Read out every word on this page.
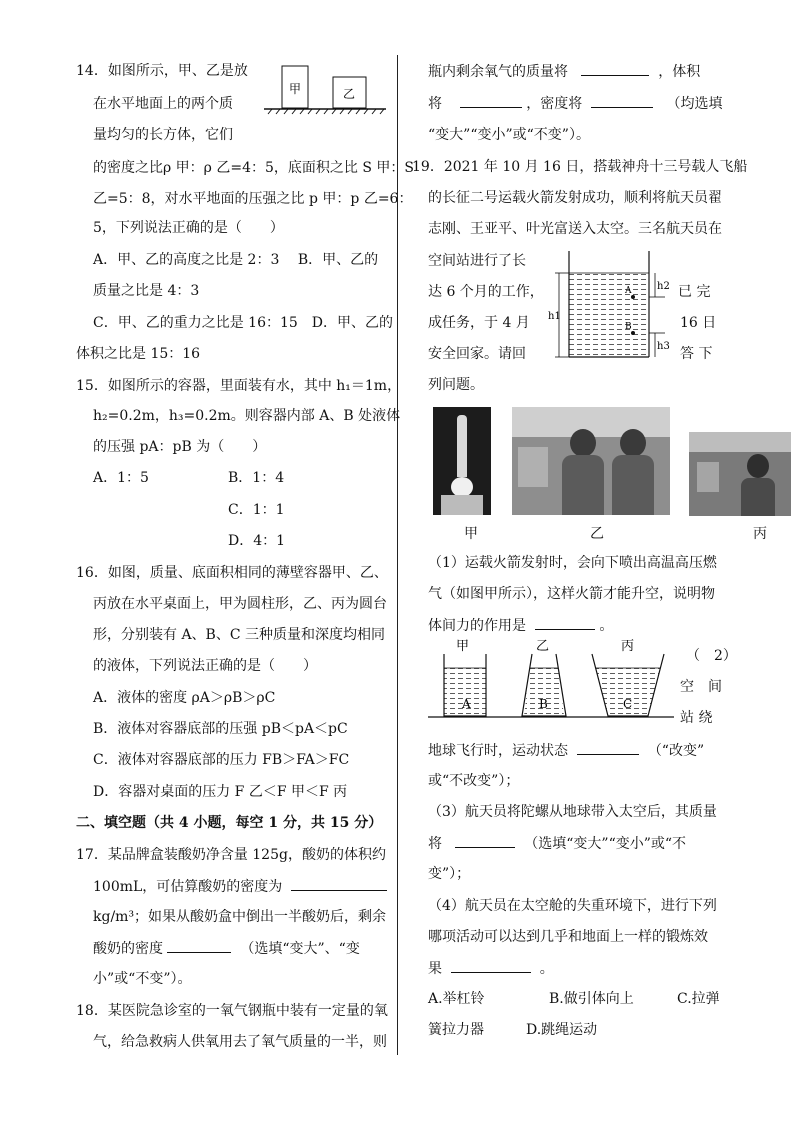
14．如图所示，甲、乙是放
在水平地面上的两个质
量均匀的长方体，它们
甲	乙
的密度之比ρ 甲：ρ 乙=4：5，底面积之比 S 甲：S
乙=5：8，对水平地面的压强之比 p 甲：p 乙=6：
5，下列说法正确的是（　　）
A．甲、乙的高度之比是 2：3　 B．甲、乙的
质量之比是 4：3
C．甲、乙的重力之比是 16：15　D．甲、乙的
体积之比是 15：16
15．如图所示的容器，里面装有水，其中 h₁＝1m，
h₂=0.2m，h₃=0.2m。则容器内部 A、B 处液体
的压强 pA：pB 为（　　）
A．1：5	B．1：4
C．1：1
D．4：1
16．如图，质量、底面积相同的薄壁容器甲、乙、
丙放在水平桌面上，甲为圆柱形，乙、丙为圆台
形，分别装有 A、B、C 三种质量和深度均相同
的液体，下列说法正确的是（　　）
A．液体的密度 ρA＞ρB＞ρC
B．液体对容器底部的压强 pB＜pA＜pC
C．液体对容器底部的压力 FB＞FA＞FC
D．容器对桌面的压力 F 乙＜F 甲＜F 丙
二、填空题（共 4 小题，每空 1 分，共 15 分）
17．某品牌盒装酸奶净含量 125g，酸奶的体积约
100mL，可估算酸奶的密度为
kg/m³；如果从酸奶盒中倒出一半酸奶后，剩余
酸奶的密度	（选填“变大”、“变
小”或“不变”）。
18．某医院急诊室的一氧气钢瓶中装有一定量的氧
气，给急救病人供氧用去了氧气质量的一半，则
瓶内剩余氧气的质量将	，体积
将	，密度将	（均选填
“变大”“变小”或“不变”）。
19．2021 年 10 月 16 日，搭载神舟十三号载人飞船
的长征二号运载火箭发射成功，顺利将航天员翟
志刚、王亚平、叶光富送入太空。三名航天员在
空间站进行了长
达 6 个月的工作，
成任务，于 4 月
安全回家。请回
列问题。
已 完
16 日
答 下
A
B
h1
h2
h3
甲	乙	丙
（1）运载火箭发射时，会向下喷出高温高压燃
气（如图甲所示），这样火箭才能升空，说明物
体间力的作用是	。
甲	乙	丙
A	B	C
（　2）
空　间
站 绕
地球飞行时，运动状态	（“改变”
或“不改变”）；
（3）航天员将陀螺从地球带入太空后，其质量
将	（选填“变大”“变小”或“不
变”）；
（4）航天员在太空舱的失重环境下，进行下列
哪项活动可以达到几乎和地面上一样的锻炼效
果	。
A.举杠铃	B.做引体向上	C.拉弹
簧拉力器	D.跳绳运动
